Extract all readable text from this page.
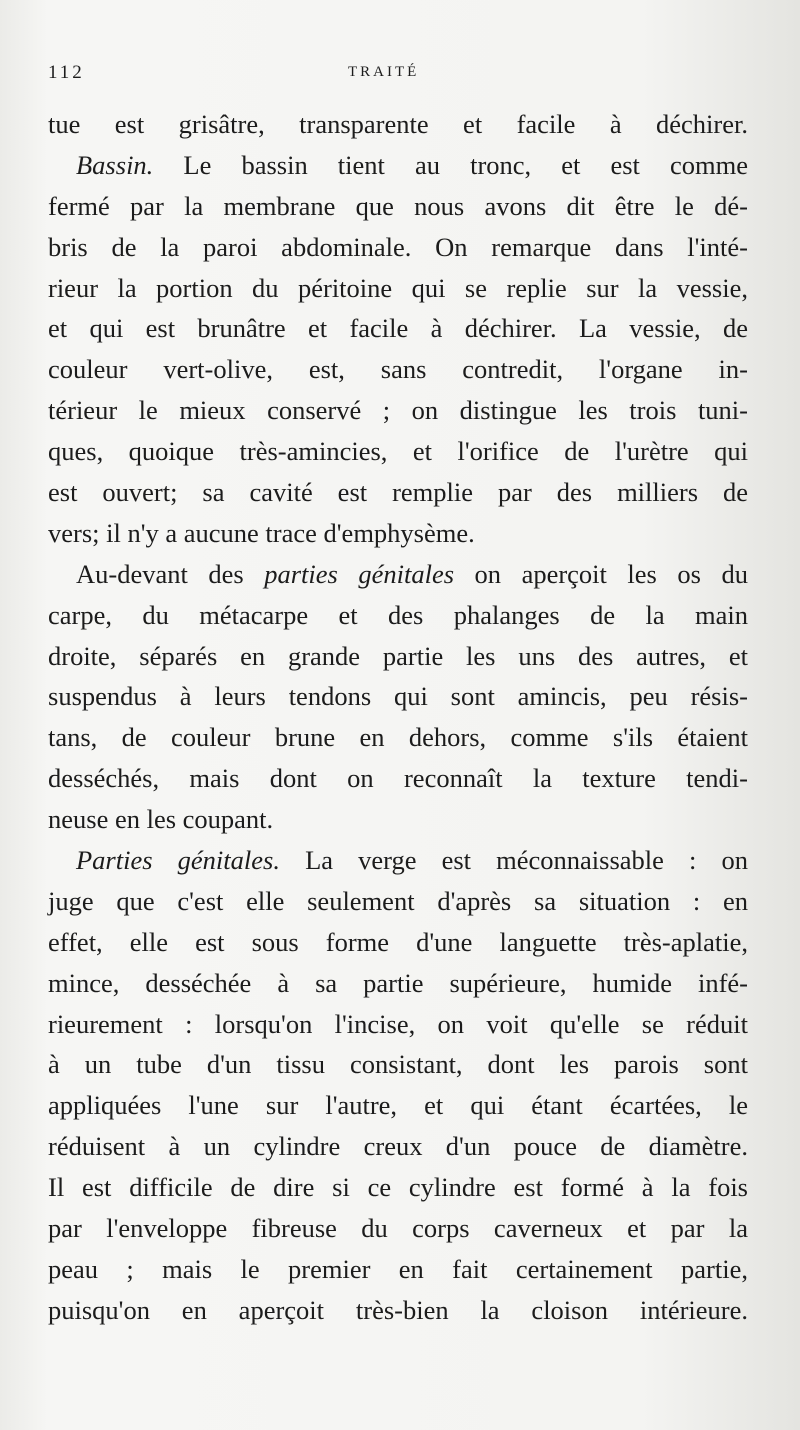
112	TRAITÉ
tue est grisâtre, transparente et facile à déchirer.
Bassin. Le bassin tient au tronc, et est comme
fermé par la membrane que nous avons dit être le dé-
bris de la paroi abdominale. On remarque dans l'inté-
rieur la portion du péritoine qui se replie sur la vessie,
et qui est brunâtre et facile à déchirer. La vessie, de
couleur vert-olive, est, sans contredit, l'organe in-
térieur le mieux conservé ; on distingue les trois tuni-
ques, quoique très-amincies, et l'orifice de l'urètre qui
est ouvert; sa cavité est remplie par des milliers de
vers; il n'y a aucune trace d'emphysème.
Au-devant des parties génitales on aperçoit les os du
carpe, du métacarpe et des phalanges de la main
droite, séparés en grande partie les uns des autres, et
suspendus à leurs tendons qui sont amincis, peu résis-
tans, de couleur brune en dehors, comme s'ils étaient
desséchés, mais dont on reconnaît la texture tendi-
neuse en les coupant.
Parties génitales. La verge est méconnaissable : on
juge que c'est elle seulement d'après sa situation : en
effet, elle est sous forme d'une languette très-aplatie,
mince, desséchée à sa partie supérieure, humide infé-
rieurement : lorsqu'on l'incise, on voit qu'elle se réduit
à un tube d'un tissu consistant, dont les parois sont
appliquées l'une sur l'autre, et qui étant écartées, le
réduisent à un cylindre creux d'un pouce de diamètre.
Il est difficile de dire si ce cylindre est formé à la fois
par l'enveloppe fibreuse du corps caverneux et par la
peau ; mais le premier en fait certainement partie,
puisqu'on en aperçoit très-bien la cloison intérieure.
